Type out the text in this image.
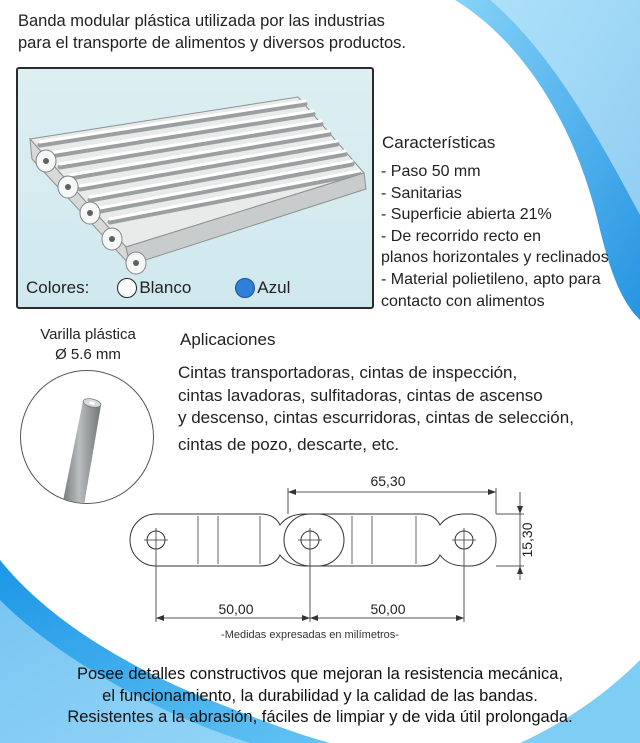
Banda modular plástica utilizada por las industrias
para el transporte de alimentos y diversos productos.
Colores:	Blanco	Azul
Características
- Paso 50 mm
- Sanitarias
- Superficie abierta 21%
- De recorrido recto en
planos horizontales y reclinados
- Material polietileno, apto para
contacto con alimentos
Varilla plástica
Ø 5.6 mm
Aplicaciones
Cintas transportadoras, cintas de inspección,
cintas lavadoras, sulfitadoras, cintas de ascenso
y descenso, cintas escurridoras, cintas de selección,
cintas de pozo, descarte, etc.
65,30
15,30
50,00	50,00
-Medidas expresadas en milímetros-
Posee detalles constructivos que mejoran la resistencia mecánica,
el funcionamiento, la durabilidad y la calidad de las bandas.
Resistentes a la abrasión, fáciles de limpiar y de vida útil prolongada.
